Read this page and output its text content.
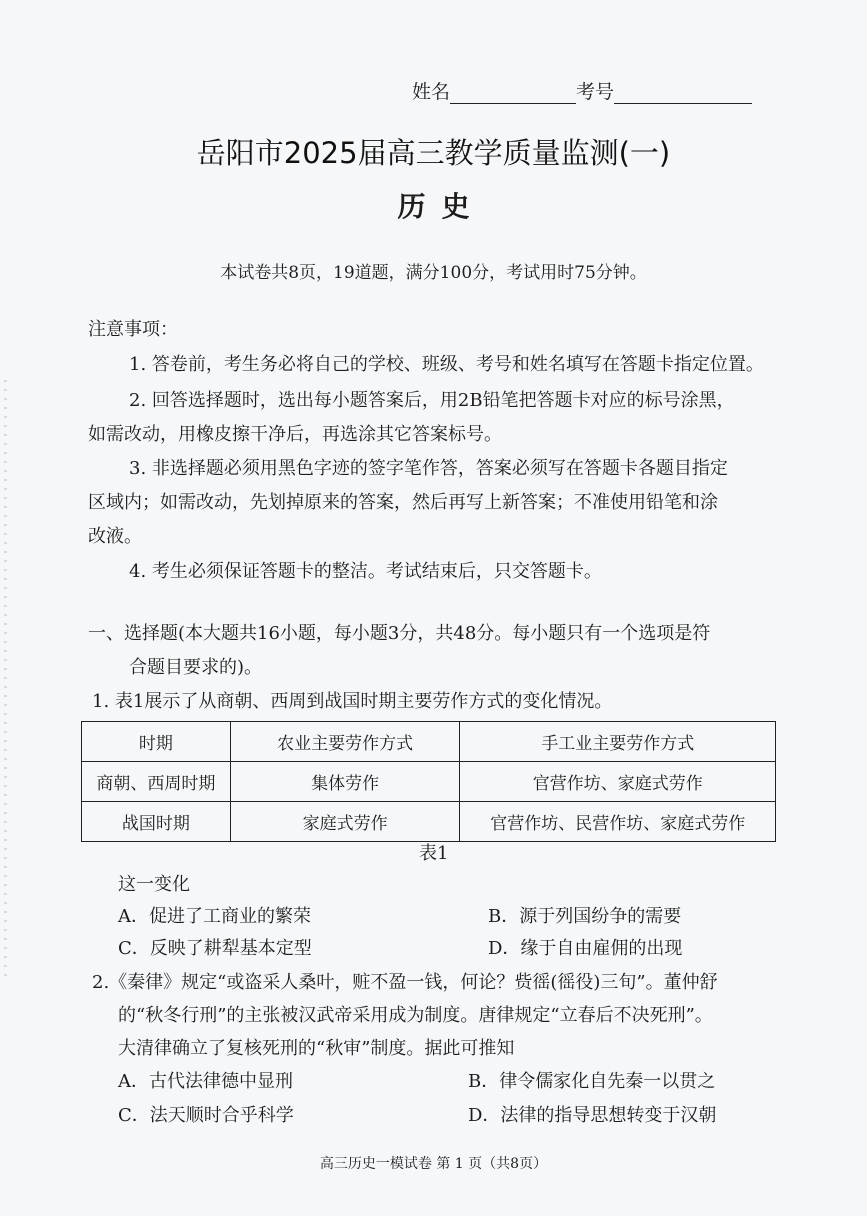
姓名	考号
岳阳市2025届高三教学质量监测(一)
历史
本试卷共8页，19道题，满分100分，考试用时75分钟。
注意事项：
1. 答卷前，考生务必将自己的学校、班级、考号和姓名填写在答题卡指定位置。
2. 回答选择题时，选出每小题答案后，用2B铅笔把答题卡对应的标号涂黑，
如需改动，用橡皮擦干净后，再选涂其它答案标号。
3. 非选择题必须用黑色字迹的签字笔作答，答案必须写在答题卡各题目指定
区域内；如需改动，先划掉原来的答案，然后再写上新答案；不准使用铅笔和涂
改液。
4. 考生必须保证答题卡的整洁。考试结束后，只交答题卡。
一、选择题(本大题共16小题，每小题3分，共48分。每小题只有一个选项是符
合题目要求的)。
1. 表1展示了从商朝、西周到战国时期主要劳作方式的变化情况。
时期	农业主要劳作方式	手工业主要劳作方式
商朝、西周时期	集体劳作	官营作坊、家庭式劳作
战国时期	家庭式劳作	官营作坊、民营作坊、家庭式劳作
表1
这一变化
A．促进了工商业的繁荣	B．源于列国纷争的需要
C．反映了耕犁基本定型	D．缘于自由雇佣的出现
2.《秦律》规定“或盗采人桑叶，赃不盈一钱，何论？赀徭(徭役)三旬”。董仲舒
的“秋冬行刑”的主张被汉武帝采用成为制度。唐律规定“立春后不决死刑”。
大清律确立了复核死刑的“秋审”制度。据此可推知
A．古代法律德中显刑	B．律令儒家化自先秦一以贯之
C．法天顺时合乎科学	D．法律的指导思想转变于汉朝
高三历史一模试卷 第 1 页（共8页）
